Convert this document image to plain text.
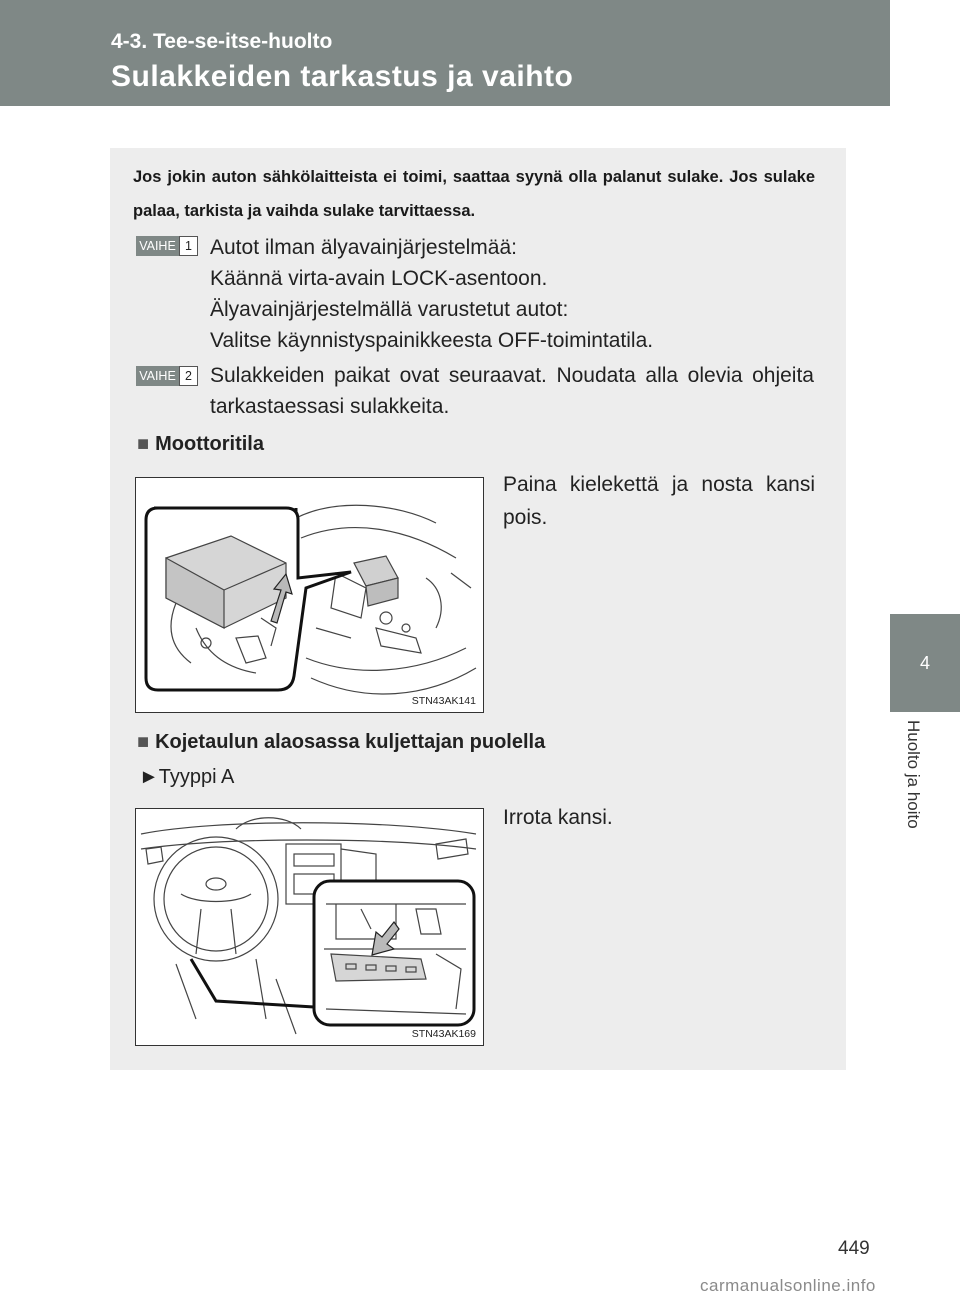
4-3. Tee-se-itse-huolto
Sulakkeiden tarkastus ja vaihto
4
Huolto ja hoito
Jos jokin auton sähkölaitteista ei toimi, saattaa syynä olla palanut sulake. Jos sulake palaa, tarkista ja vaihda sulake tarvittaessa.
VAIHE 1 Autot ilman älyavainjärjestelmää:
Käännä virta-avain LOCK-asentoon.
Älyavainjärjestelmällä varustetut autot:
Valitse käynnistyspainikkeesta OFF-toimintatila.
VAIHE 2 Sulakkeiden paikat ovat seuraavat. Noudata alla olevia ohjeita tarkastaessasi sulakkeita.
■ Moottoritila
Paina kielekettä ja nosta kansi pois.
STN43AK141
■ Kojetaulun alaosassa kuljettajan puolella
►Tyyppi A
Irrota kansi.
STN43AK169
449
carmanualsonline.info
